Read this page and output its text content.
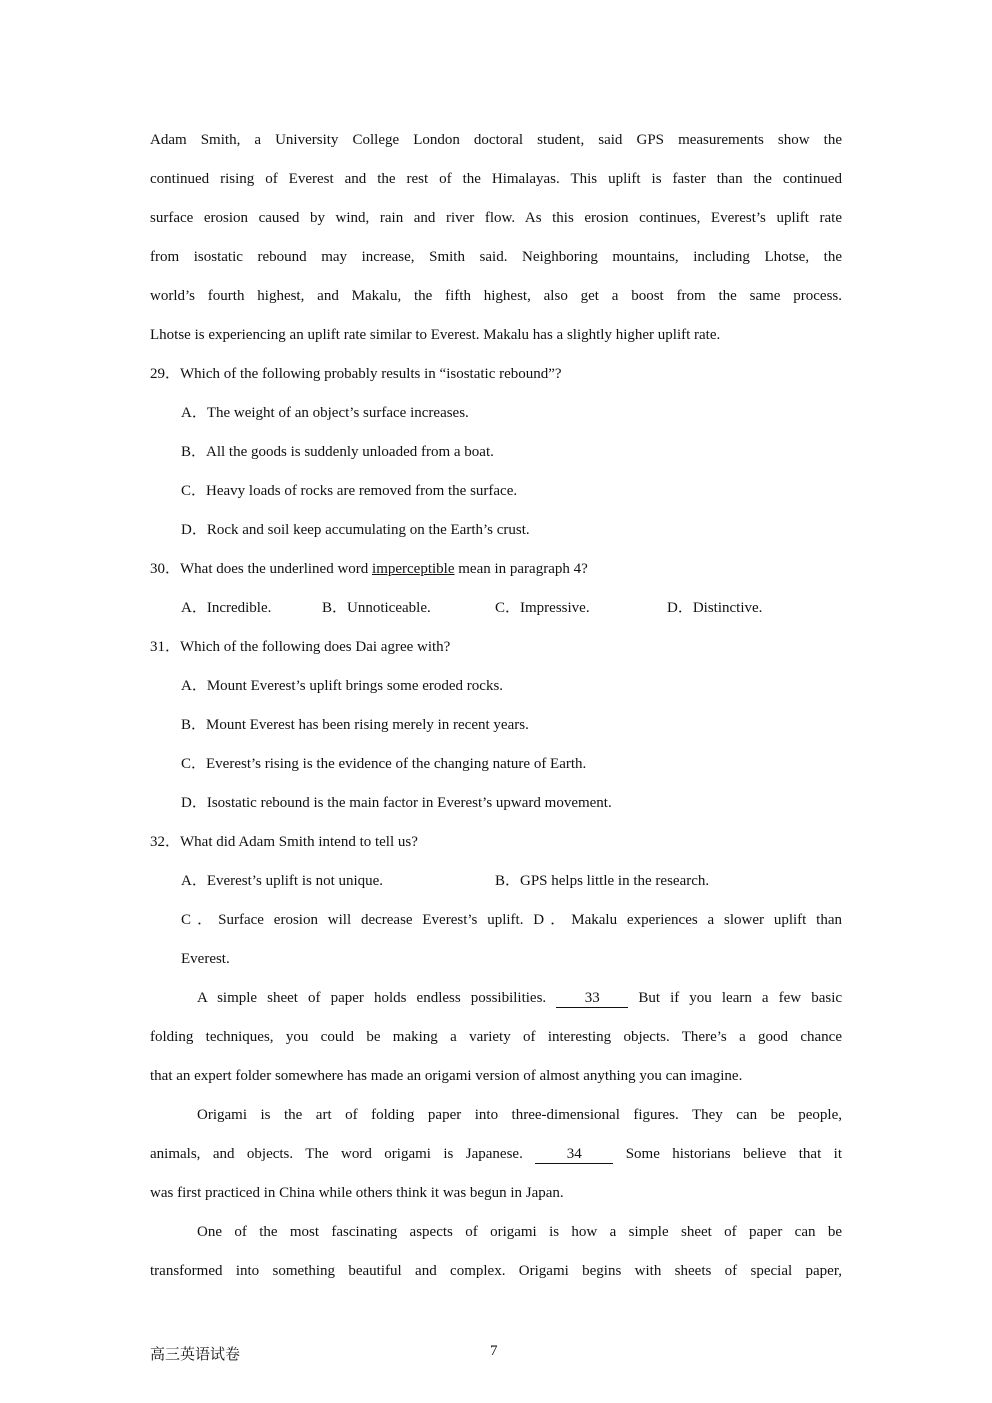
Adam Smith, a University College London doctoral student, said GPS measurements show the
continued rising of Everest and the rest of the Himalayas. This uplift is faster than the continued
surface erosion caused by wind, rain and river flow. As this erosion continues, Everest’s uplift rate
from isostatic rebound may increase, Smith said. Neighboring mountains, including Lhotse, the
world’s fourth highest, and Makalu, the fifth highest, also get a boost from the same process.
Lhotse is experiencing an uplift rate similar to Everest. Makalu has a slightly higher uplift rate.
29．Which of the following probably results in “isostatic rebound”?
A．The weight of an object’s surface increases.
B．All the goods is suddenly unloaded from a boat.
C．Heavy loads of rocks are removed from the surface.
D．Rock and soil keep accumulating on the Earth’s crust.
30．What does the underlined word imperceptible mean in paragraph 4?
A．Incredible.	B．Unnoticeable.	C．Impressive.	D．Distinctive.
31．Which of the following does Dai agree with?
A．Mount Everest’s uplift brings some eroded rocks.
B．Mount Everest has been rising merely in recent years.
C．Everest’s rising is the evidence of the changing nature of Earth.
D．Isostatic rebound is the main factor in Everest’s upward movement.
32．What did Adam Smith intend to tell us?
A．Everest’s uplift is not unique.	B．GPS helps little in the research.
C．Surface erosion will decrease Everest’s uplift. D．Makalu experiences a slower uplift than
Everest.
A simple sheet of paper holds endless possibilities.	33	But if you learn a few basic
folding techniques, you could be making a variety of interesting objects. There’s a good chance
that an expert folder somewhere has made an origami version of almost anything you can imagine.
Origami is the art of folding paper into three-dimensional figures. They can be people,
animals, and objects. The word origami is Japanese.	34	Some historians believe that it
was first practiced in China while others think it was begun in Japan.
One of the most fascinating aspects of origami is how a simple sheet of paper can be
transformed into something beautiful and complex. Origami begins with sheets of special paper,
高三英语试卷	7
